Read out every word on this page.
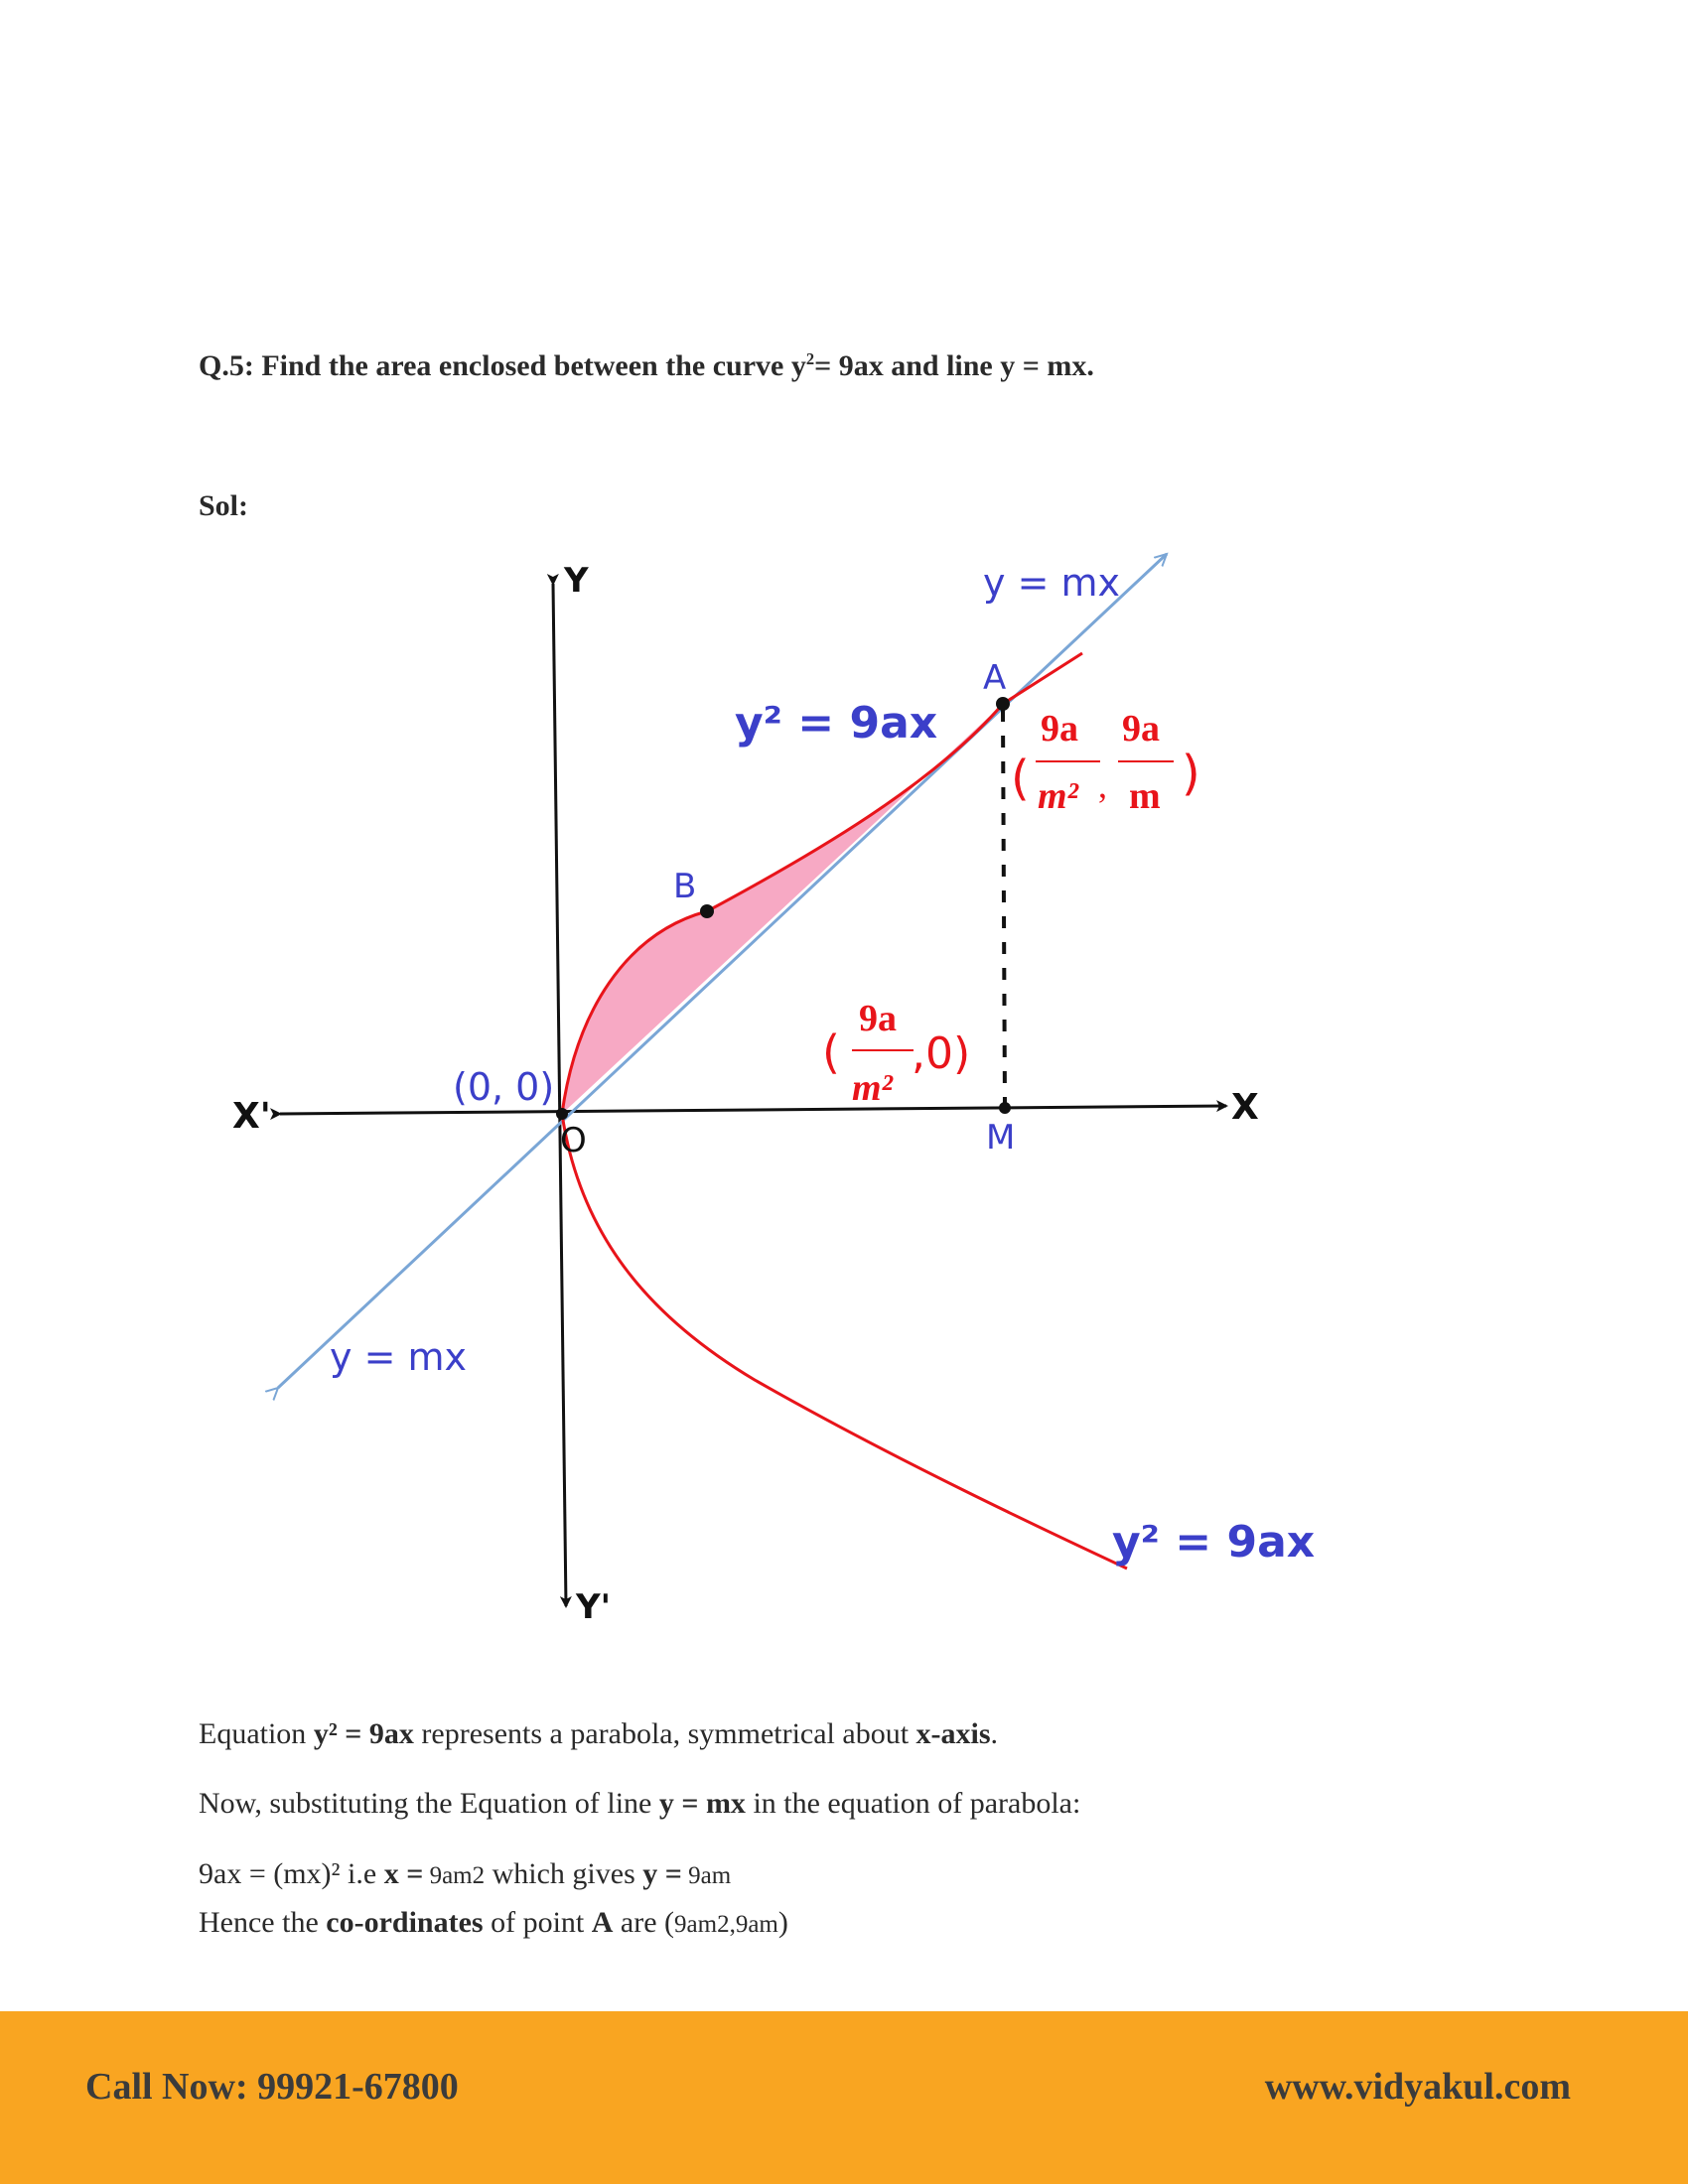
Q.5: Find the area enclosed between the curve $y^2= 9ax$ and line y = mx.
Sol:
Y
Y'
X
X'
O
(0, 0)
y = mx
y = mx
y² = 9ax
y² = 9ax
A
B
M
(
9a
m² ,
9a
m )
(
9a
m²
,0)
Equation y² = 9ax represents a parabola, symmetrical about x-axis.
Now, substituting the Equation of line y = mx in the equation of parabola:
9ax = (mx)² i.e x = 9am2 which gives y = 9am
Hence the co-ordinates of point A are (9am2,9am)
Call Now: 99921-67800	www.vidyakul.com
